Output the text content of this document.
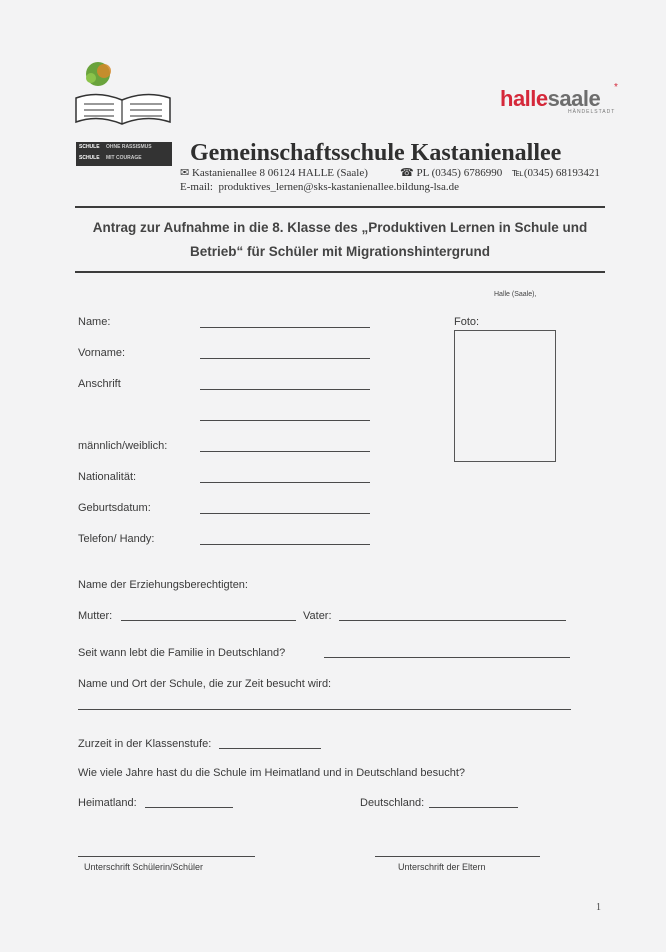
SCHULE OHNE RASSISMUS
SCHULE MIT COURAGE
hallesaale *
HÄNDELSTADT
Gemeinschaftsschule Kastanienallee
✉ Kastanienallee 8 06124 HALLE (Saale)	☎ PL (0345) 6786990 ℡(0345) 68193421
E-mail: produktives_lernen@sks-kastanienallee.bildung-lsa.de
Antrag zur Aufnahme in die 8. Klasse des „Produktiven Lernen in Schule und
Betrieb“ für Schüler mit Migrationshintergrund
Halle (Saale),
Name:	Foto:
Vorname:
Anschrift
männlich/weiblich:
Nationalität:
Geburtsdatum:
Telefon/ Handy:
Name der Erziehungsberechtigten:
Mutter:	Vater:
Seit wann lebt die Familie in Deutschland?
Name und Ort der Schule, die zur Zeit besucht wird:
Zurzeit in der Klassenstufe:
Wie viele Jahre hast du die Schule im Heimatland und in Deutschland besucht?
Heimatland:	Deutschland:
Unterschrift Schülerin/Schüler	Unterschrift der Eltern
1
